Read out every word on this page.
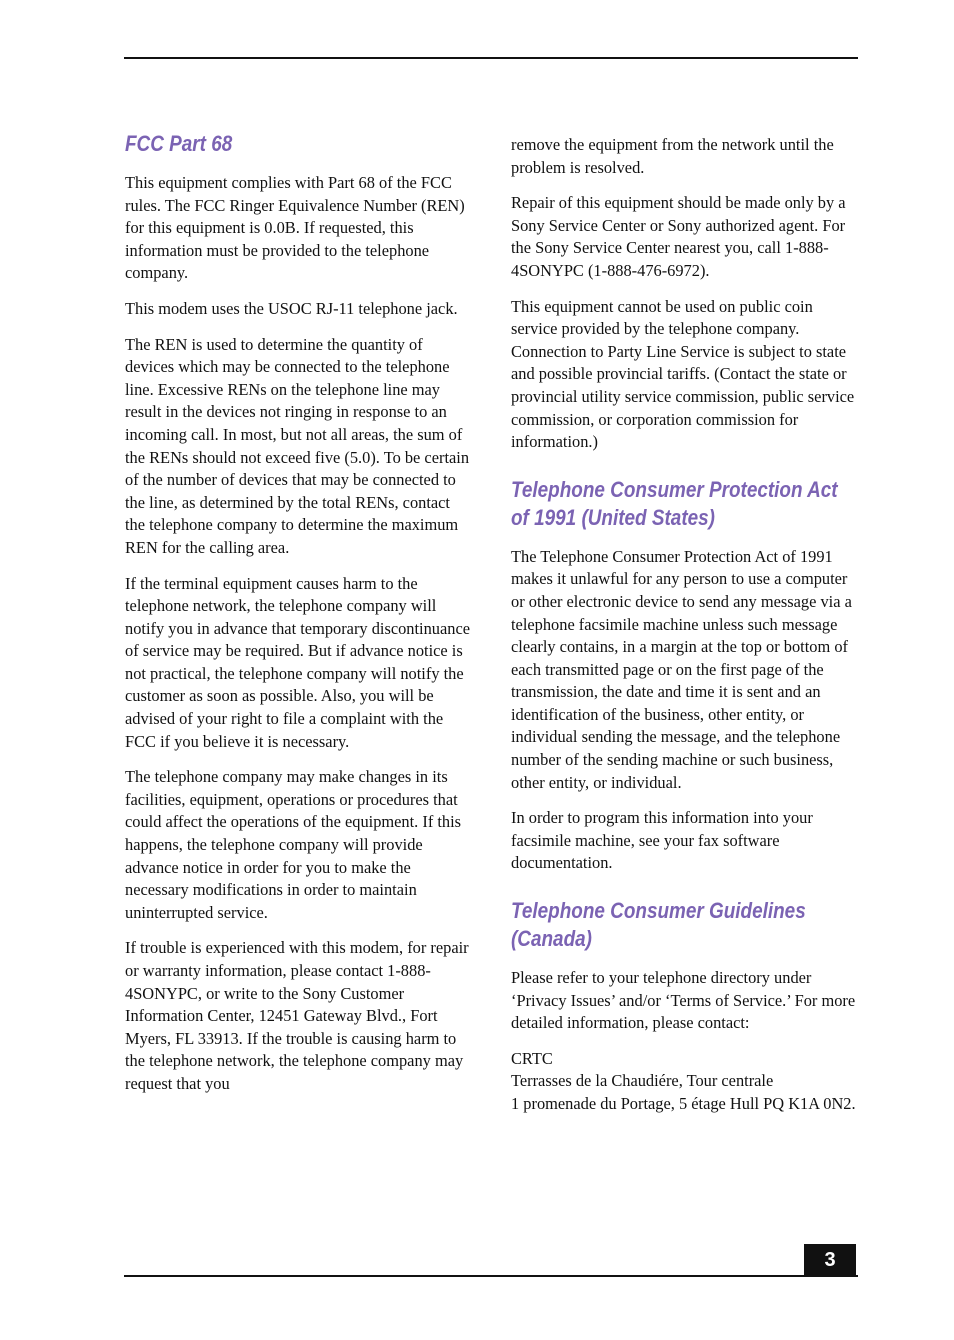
FCC Part 68

This equipment complies with Part 68 of the FCC rules. The FCC Ringer Equivalence Number (REN) for this equipment is 0.0B. If requested, this information must be provided to the telephone company.

This modem uses the USOC RJ-11 telephone jack.

The REN is used to determine the quantity of devices which may be connected to the telephone line. Excessive RENs on the telephone line may result in the devices not ringing in response to an incoming call. In most, but not all areas, the sum of the RENs should not exceed five (5.0). To be certain of the number of devices that may be connected to the line, as determined by the total RENs, contact the telephone company to determine the maximum REN for the calling area.

If the terminal equipment causes harm to the telephone network, the telephone company will notify you in advance that temporary discontinuance of service may be required. But if advance notice is not practical, the telephone company will notify the customer as soon as possible. Also, you will be advised of your right to file a complaint with the FCC if you believe it is necessary.

The telephone company may make changes in its facilities, equipment, operations or procedures that could affect the operations of the equipment. If this happens, the telephone company will provide advance notice in order for you to make the necessary modifications in order to maintain uninterrupted service.

If trouble is experienced with this modem, for repair or warranty information, please contact 1-888-4SONYPC, or write to the Sony Customer Information Center, 12451 Gateway Blvd., Fort Myers, FL 33913. If the trouble is causing harm to the telephone network, the telephone company may request that you

remove the equipment from the network until the problem is resolved.

Repair of this equipment should be made only by a Sony Service Center or Sony authorized agent. For the Sony Service Center nearest you, call 1-888-4SONYPC (1-888-476-6972).

This equipment cannot be used on public coin service provided by the telephone company. Connection to Party Line Service is subject to state and possible provincial tariffs. (Contact the state or provincial utility service commission, public service commission, or corporation commission for information.)

Telephone Consumer Protection Act
of 1991 (United States)

The Telephone Consumer Protection Act of 1991 makes it unlawful for any person to use a computer or other electronic device to send any message via a telephone facsimile machine unless such message clearly contains, in a margin at the top or bottom of each transmitted page or on the first page of the transmission, the date and time it is sent and an identification of the business, other entity, or individual sending the message, and the telephone number of the sending machine or such business, other entity, or individual.

In order to program this information into your facsimile machine, see your fax software documentation.

Telephone Consumer Guidelines
(Canada)

Please refer to your telephone directory under ‘Privacy Issues’ and/or ‘Terms of Service.’ For more detailed information, please contact:

CRTC
Terrasses de la Chaudiére, Tour centrale
1 promenade du Portage, 5 étage Hull PQ K1A 0N2.

3
